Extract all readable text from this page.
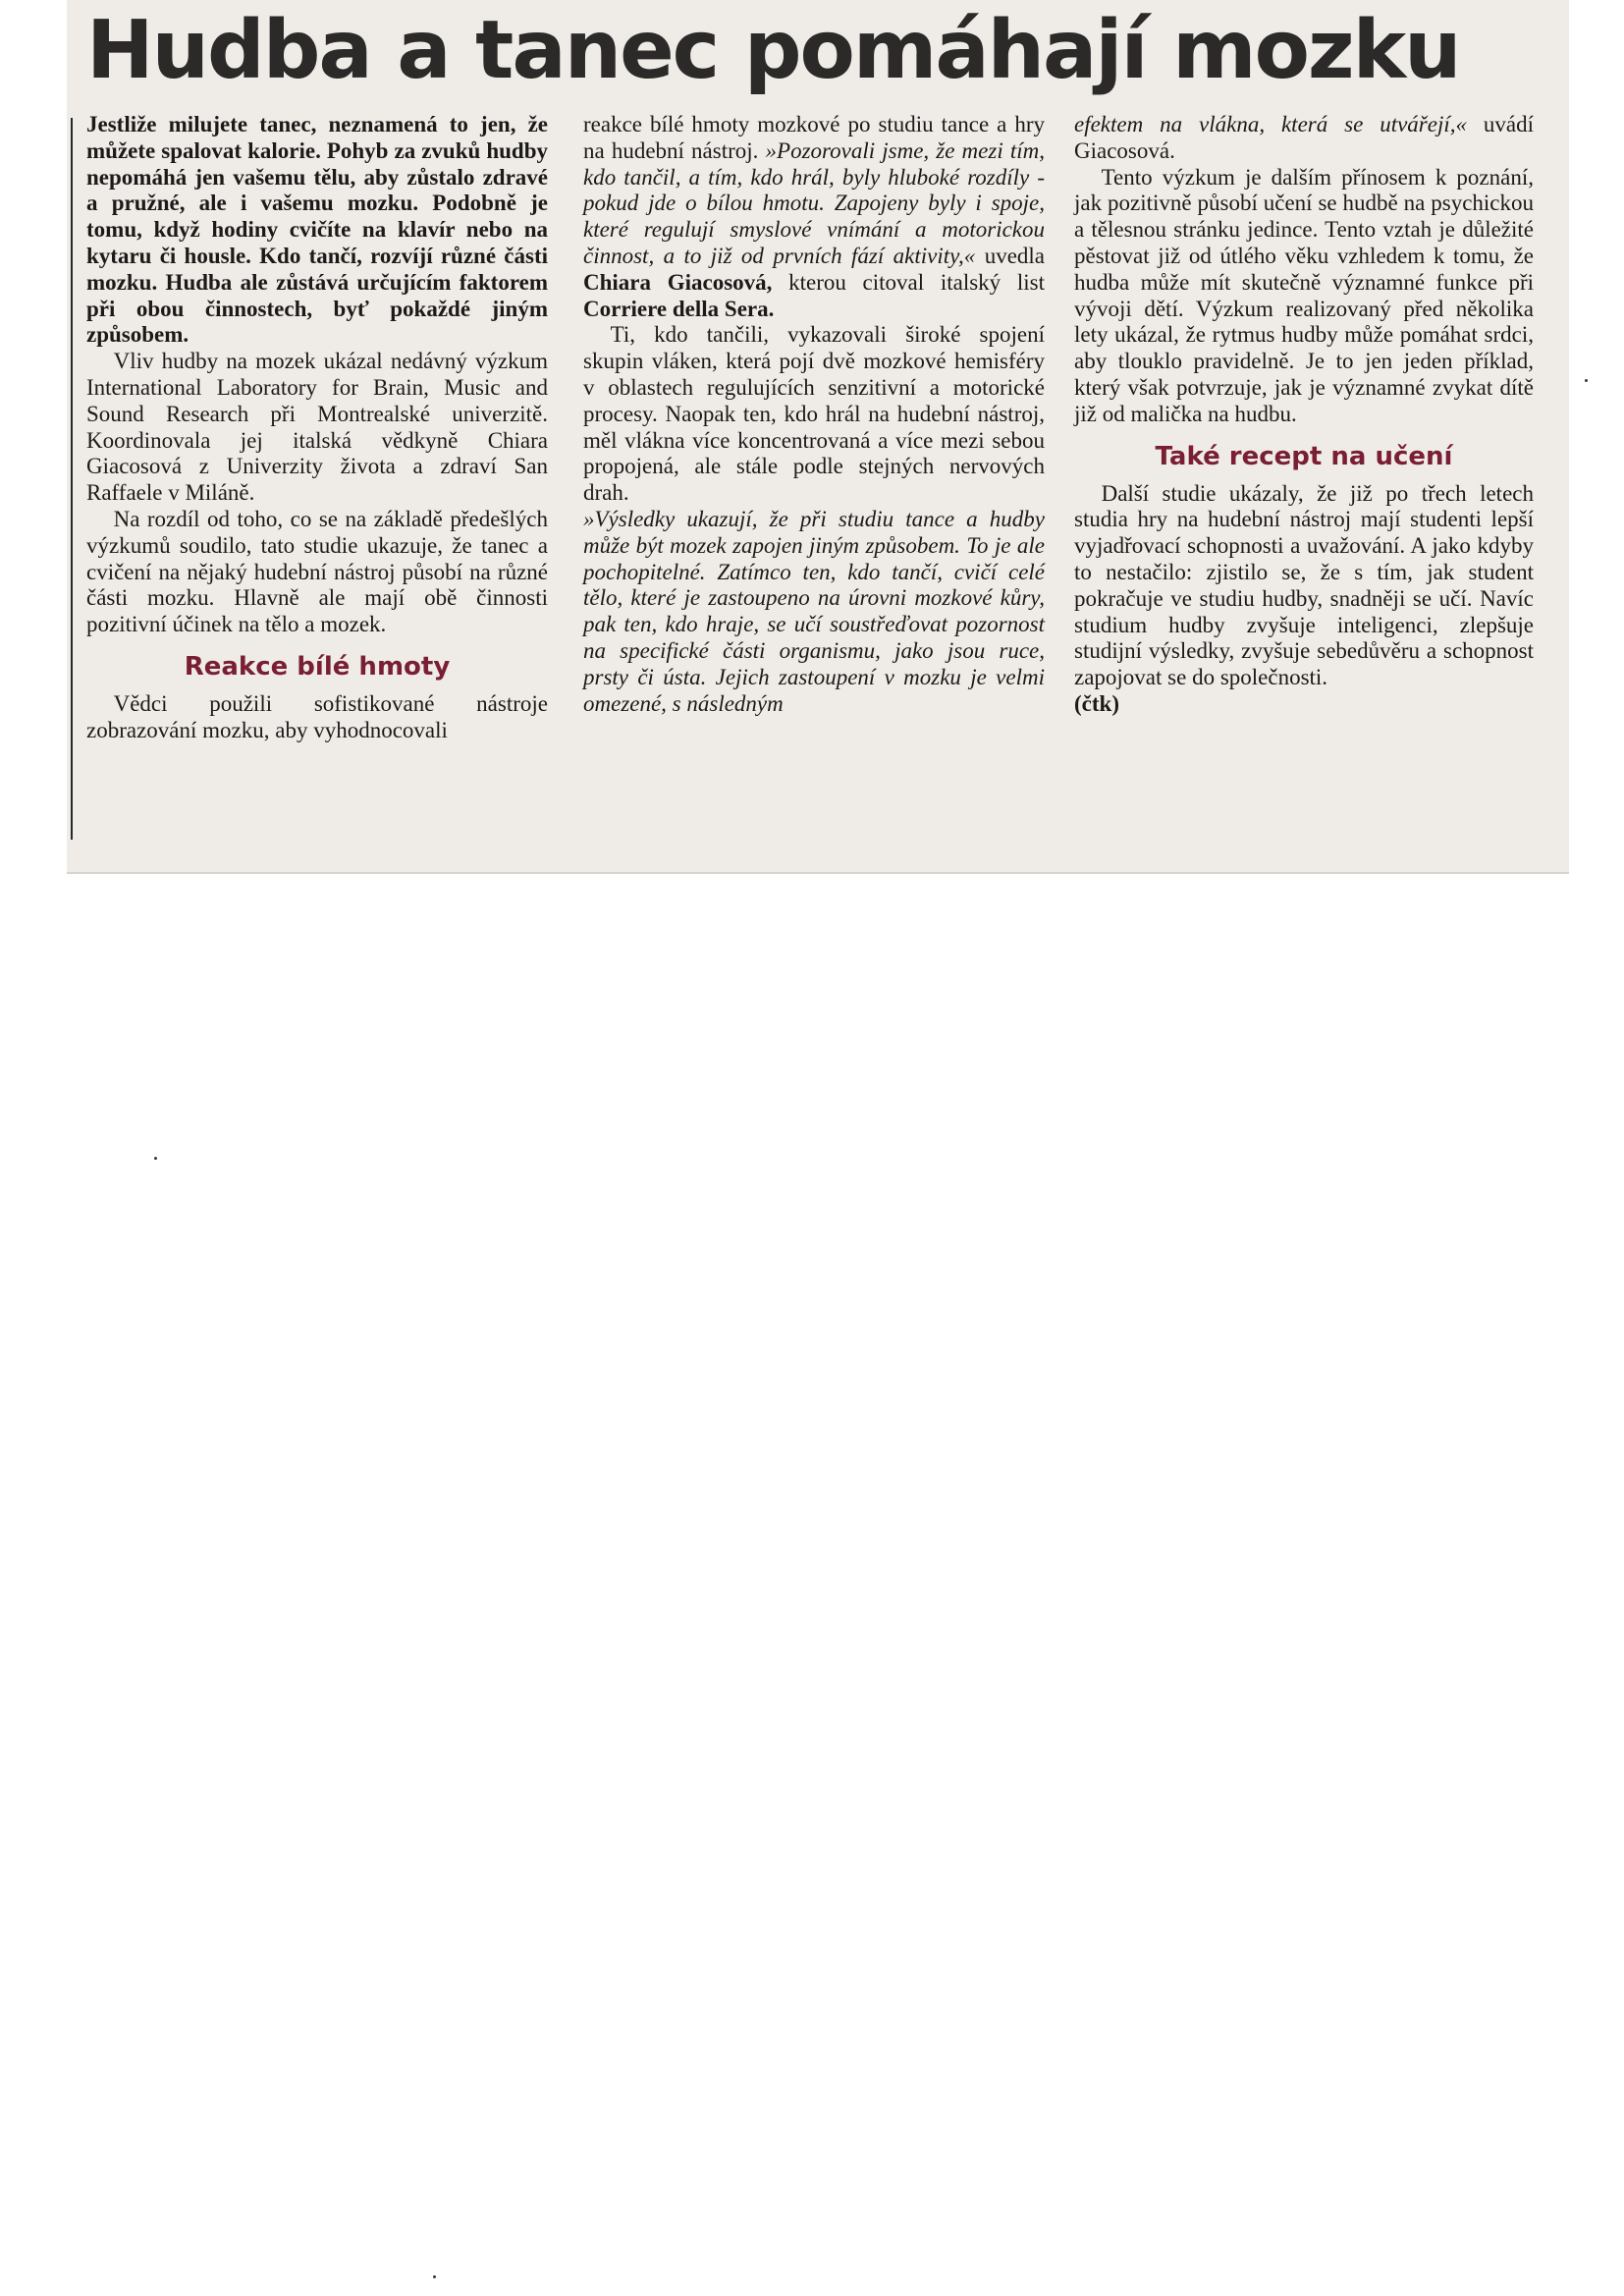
Hudba a tanec pomáhají mozku

Jestliže milujete tanec, neznamená to jen, že můžete spalovat kalorie. Pohyb za zvuků hudby nepomáhá jen vašemu tělu, aby zůstalo zdravé a pružné, ale i vašemu mozku. Podobně je tomu, když hodiny cvičíte na klavír nebo na kytaru či housle. Kdo tančí, rozvíjí různé části mozku. Hudba ale zůstává určujícím faktorem při obou činnostech, byť pokaždé jiným způsobem.

Vliv hudby na mozek ukázal nedávný výzkum International Laboratory for Brain, Music and Sound Research při Montrealské univerzitě. Koordinovala jej italská vědkyně Chiara Giacosová z Univerzity života a zdraví San Raffaele v Miláně.

Na rozdíl od toho, co se na základě předešlých výzkumů soudilo, tato studie ukazuje, že tanec a cvičení na nějaký hudební nástroj působí na různé části mozku. Hlavně ale mají obě činnosti pozitivní účinek na tělo a mozek.

Reakce bílé hmoty

Vědci použili sofistikované nástroje zobrazování mozku, aby vyhodnocovali

reakce bílé hmoty mozkové po studiu tance a hry na hudební nástroj. »Pozorovali jsme, že mezi tím, kdo tančil, a tím, kdo hrál, byly hluboké rozdíly - pokud jde o bílou hmotu. Zapojeny byly i spoje, které regulují smyslové vnímání a motorickou činnost, a to již od prvních fází aktivity,« uvedla Chiara Giacosová, kterou citoval italský list Corriere della Sera.

Ti, kdo tančili, vykazovali široké spojení skupin vláken, která pojí dvě mozkové hemisféry v oblastech regulujících senzitivní a motorické procesy. Naopak ten, kdo hrál na hudební nástroj, měl vlákna více koncentrovaná a více mezi sebou propojená, ale stále podle stejných nervových drah.

»Výsledky ukazují, že při studiu tance a hudby může být mozek zapojen jiným způsobem. To je ale pochopitelné. Zatímco ten, kdo tančí, cvičí celé tělo, které je zastoupeno na úrovni mozkové kůry, pak ten, kdo hraje, se učí soustřeďovat pozornost na specifické části organismu, jako jsou ruce, prsty či ústa. Jejich zastoupení v mozku je velmi omezené, s následným

efektem na vlákna, která se utvářejí,« uvádí Giacosová.

Tento výzkum je dalším přínosem k poznání, jak pozitivně působí učení se hudbě na psychickou a tělesnou stránku jedince. Tento vztah je důležité pěstovat již od útlého věku vzhledem k tomu, že hudba může mít skutečně významné funkce při vývoji dětí. Výzkum realizovaný před několika lety ukázal, že rytmus hudby může pomáhat srdci, aby tlouklo pravidelně. Je to jen jeden příklad, který však potvrzuje, jak je významné zvykat dítě již od malička na hudbu.

Také recept na učení

Další studie ukázaly, že již po třech letech studia hry na hudební nástroj mají studenti lepší vyjadřovací schopnosti a uvažování. A jako kdyby to nestačilo: zjistilo se, že s tím, jak student pokračuje ve studiu hudby, snadněji se učí. Navíc studium hudby zvyšuje inteligenci, zlepšuje studijní výsledky, zvyšuje sebedůvěru a schopnost zapojovat se do společnosti.

(čtk)
